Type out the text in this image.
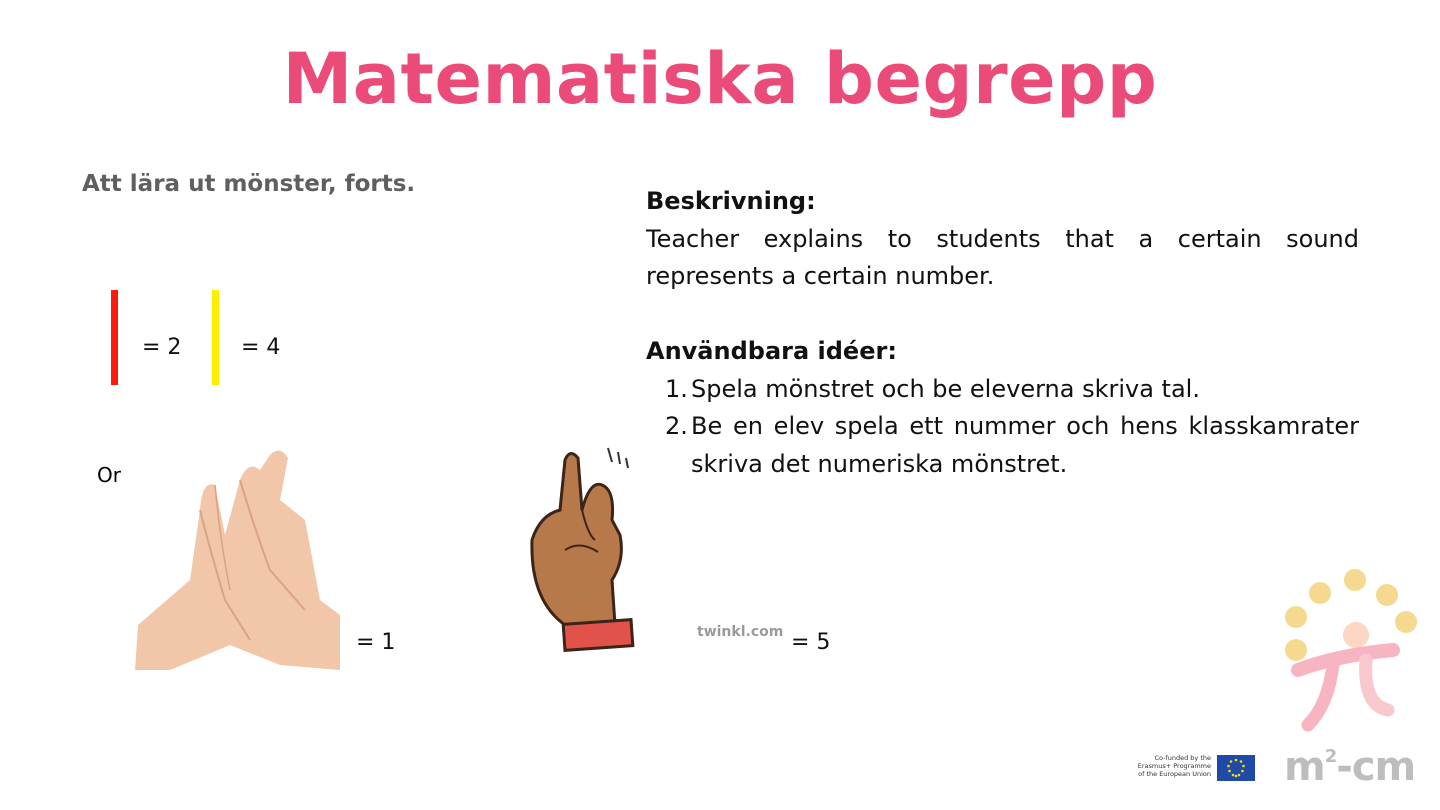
Matematiska begrepp
Att lära ut mönster, forts.
= 2	= 4
Or
= 1	twinkl.com = 5
Beskrivning:
Teacher explains to students that a certain sound represents a certain number.
Användbara idéer:
1. Spela mönstret och be eleverna skriva tal.
2. Be en elev spela ett nummer och hens klasskamrater skriva det numeriska mönstret.
Co-funded by the Erasmus+ Programme of the European Union $m^2-cm$
